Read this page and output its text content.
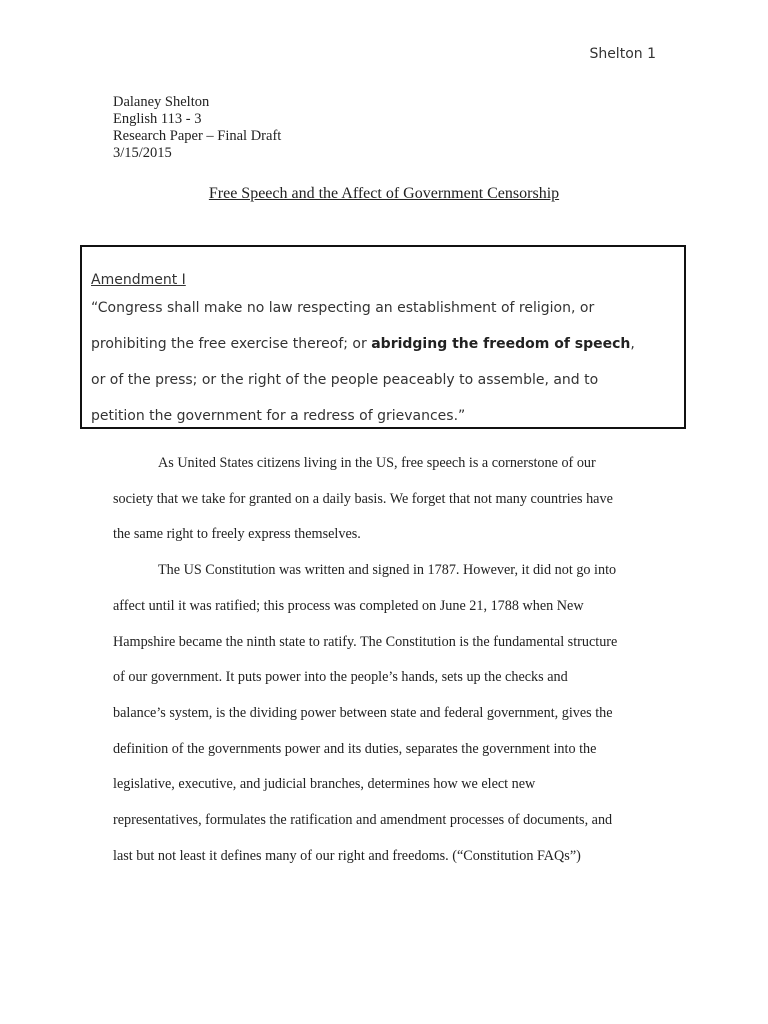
Shelton 1
Dalaney Shelton
English 113 - 3
Research Paper – Final Draft
3/15/2015
Free Speech and the Affect of Government Censorship
Amendment I
“Congress shall make no law respecting an establishment of religion, or
prohibiting the free exercise thereof; or abridging the freedom of speech,
or of the press; or the right of the people peaceably to assemble, and to
petition the government for a redress of grievances.”
As United States citizens living in the US, free speech is a cornerstone of our
society that we take for granted on a daily basis. We forget that not many countries have
the same right to freely express themselves.
The US Constitution was written and signed in 1787. However, it did not go into
affect until it was ratified; this process was completed on June 21, 1788 when New
Hampshire became the ninth state to ratify. The Constitution is the fundamental structure
of our government. It puts power into the people’s hands, sets up the checks and
balance’s system, is the dividing power between state and federal government, gives the
definition of the governments power and its duties, separates the government into the
legislative, executive, and judicial branches, determines how we elect new
representatives, formulates the ratification and amendment processes of documents, and
last but not least it defines many of our right and freedoms. (“Constitution FAQs”)
